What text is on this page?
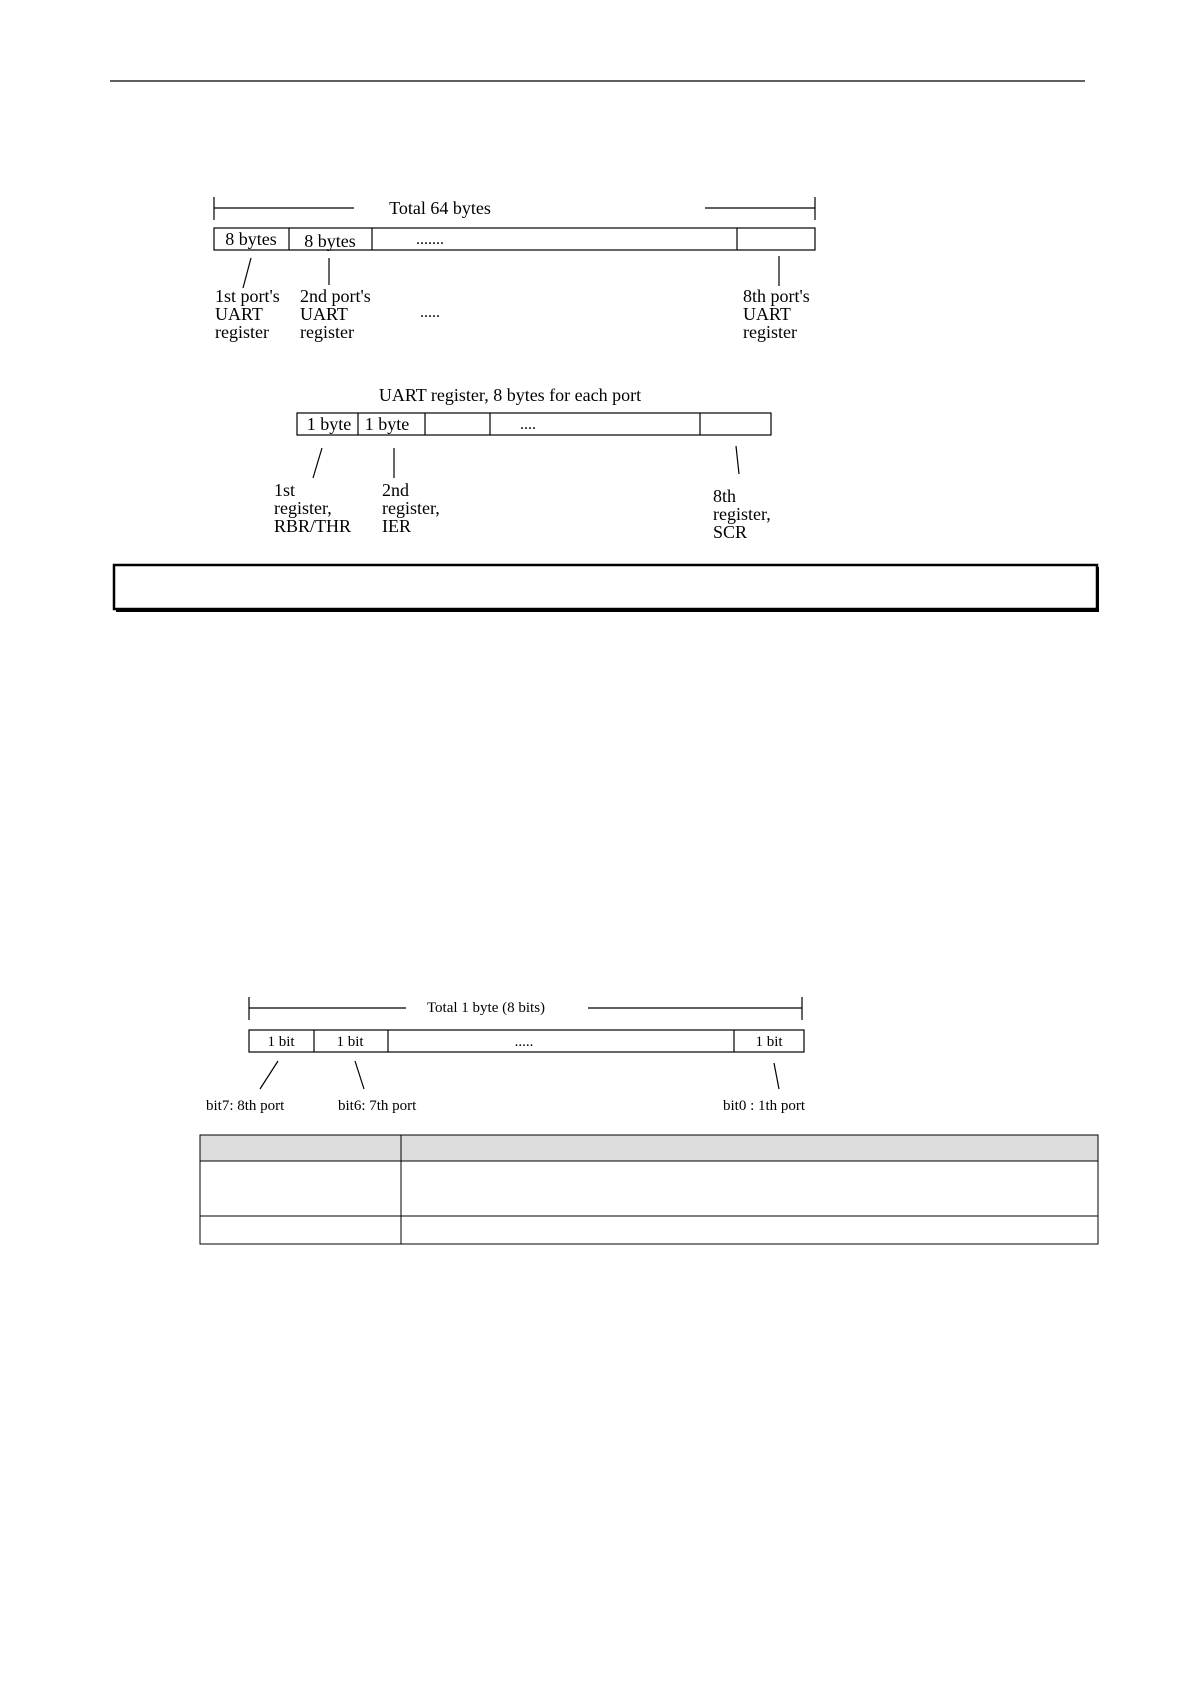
Total 64 bytes
8 bytes 8 bytes	.......
1st port's
UART
register
2nd port's
UART
register
.....
8th port's
UART
register
UART register, 8 bytes for each port
1 byte 1 byte	....
1st
register,
RBR/THR
2nd
register,
IER
8th
register,
SCR
Total 1 byte (8 bits)
1 bit	1 bit	.....	1 bit
bit7: 8th port	bit6: 7th port	bit0 : 1th port
